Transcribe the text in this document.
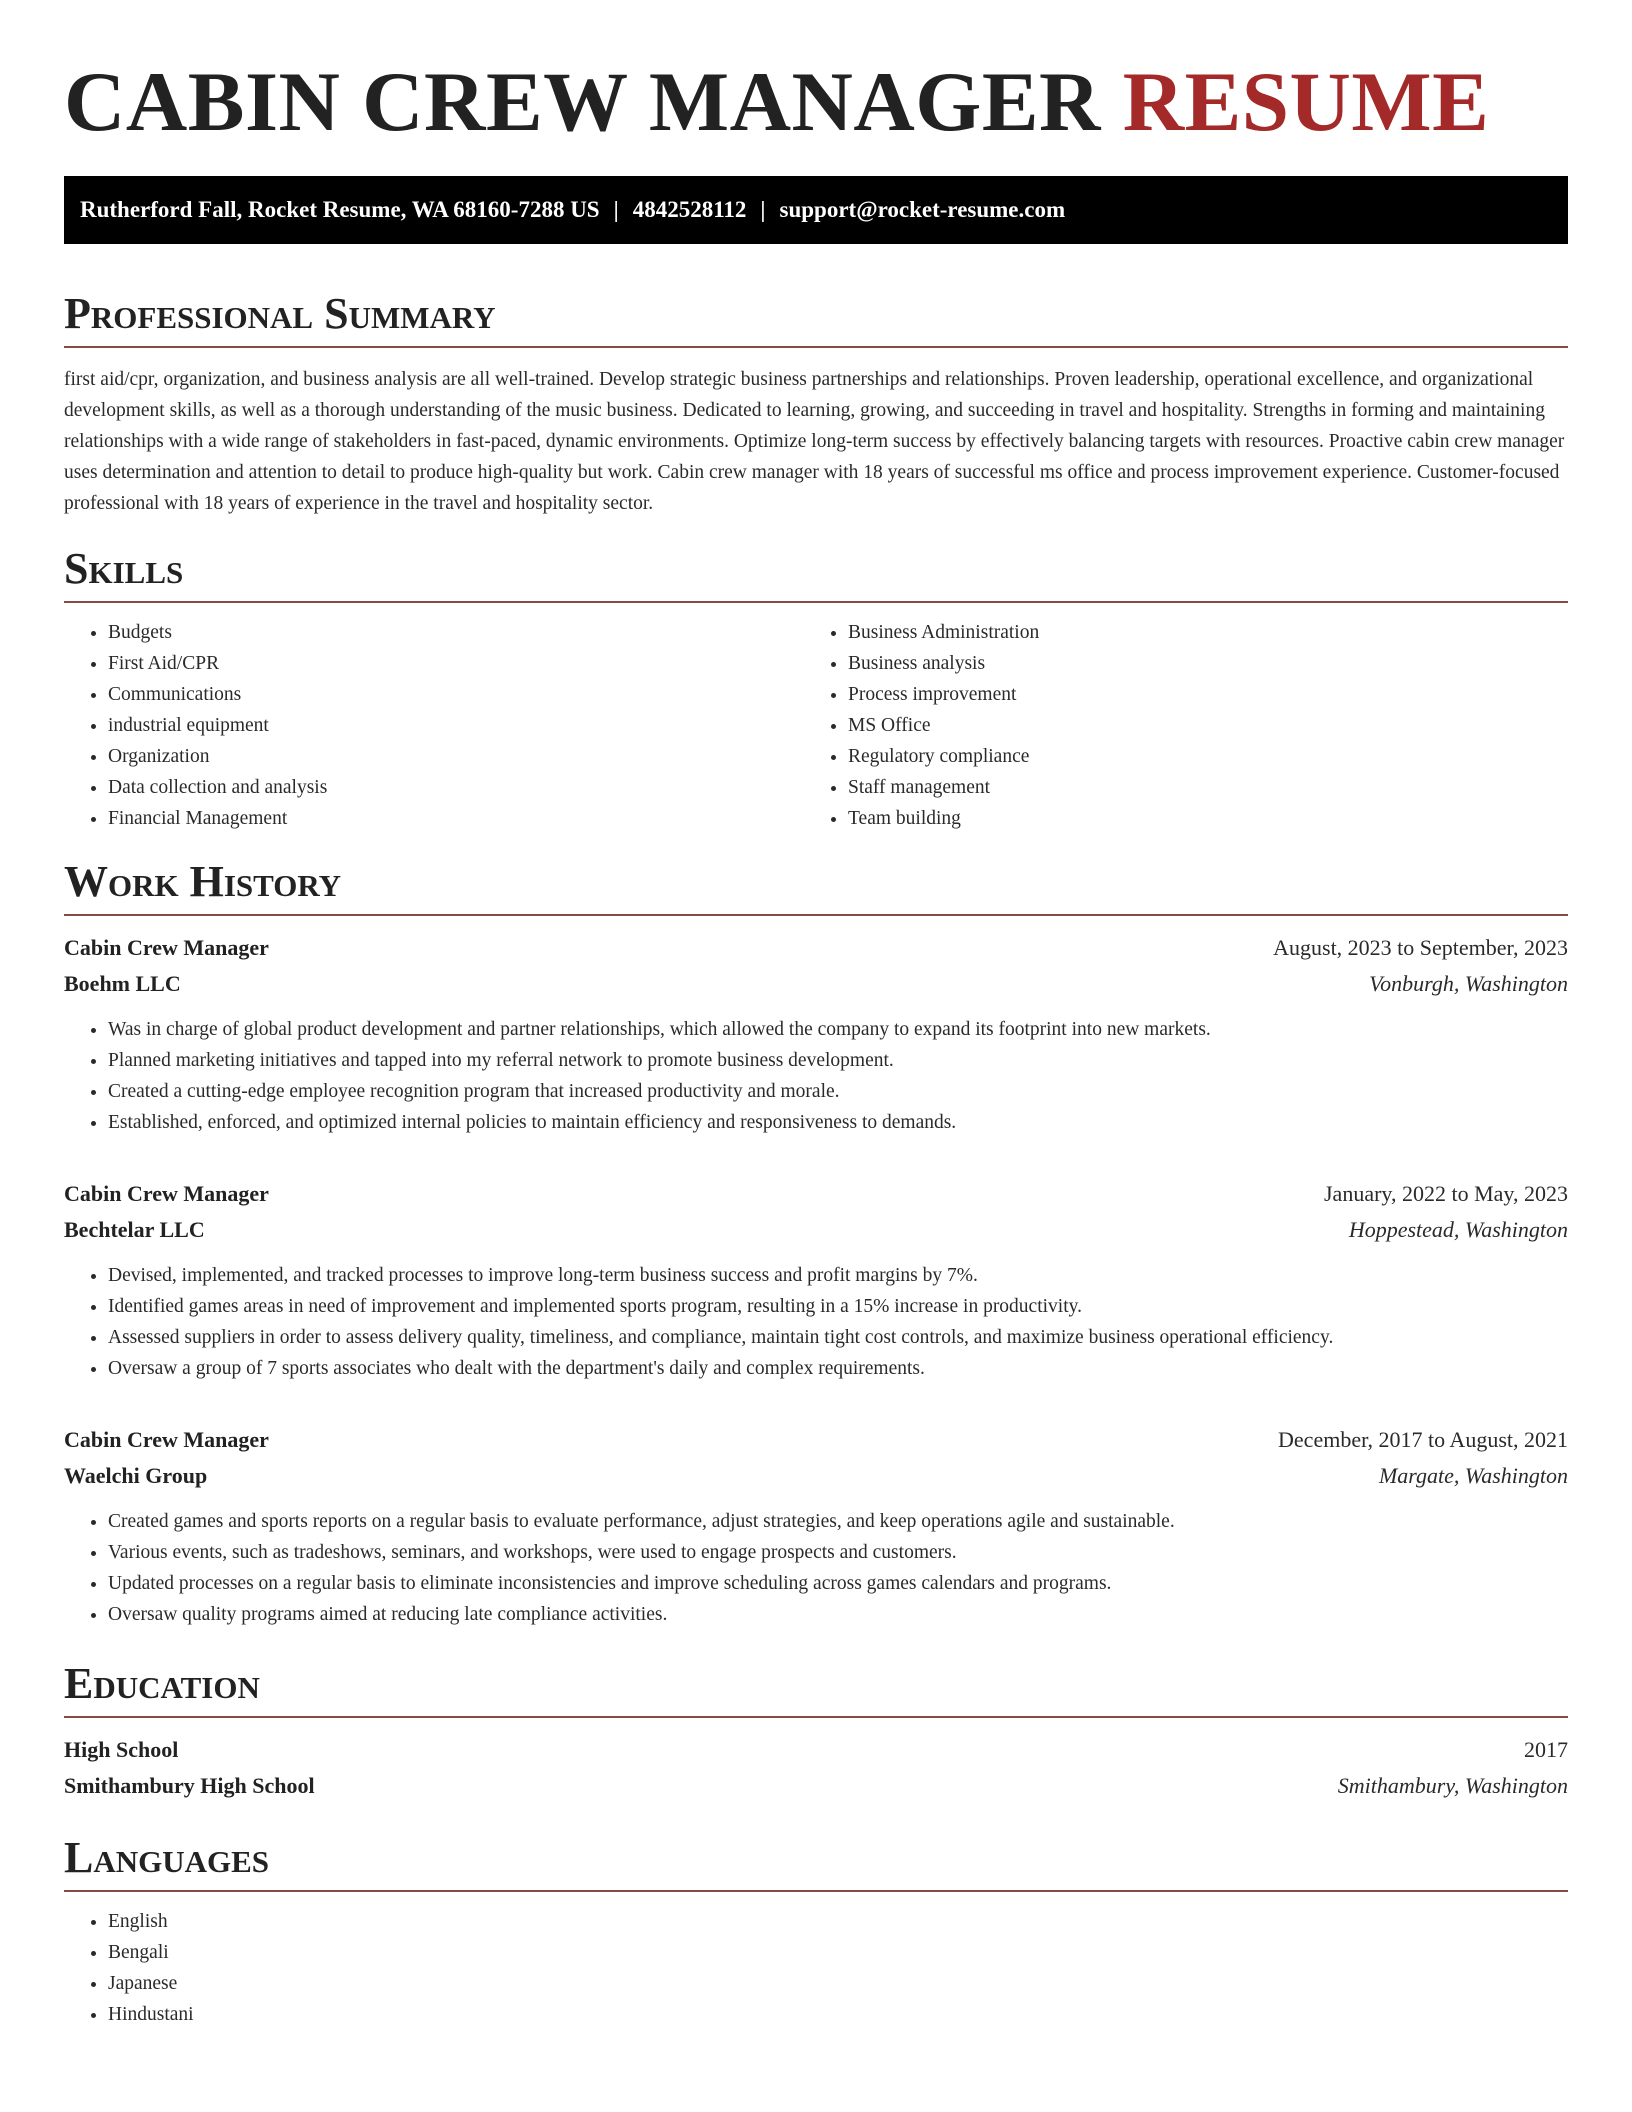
CABIN CREW MANAGER RESUME
Rutherford Fall, Rocket Resume, WA 68160-7288 US | 4842528112 | support@rocket-resume.com
Professional Summary

first aid/cpr, organization, and business analysis are all well-trained. Develop strategic business partnerships and relationships. Proven leadership, operational excellence, and organizational development skills, as well as a thorough understanding of the music business. Dedicated to learning, growing, and succeeding in travel and hospitality. Strengths in forming and maintaining relationships with a wide range of stakeholders in fast-paced, dynamic environments. Optimize long-term success by effectively balancing targets with resources. Proactive cabin crew manager uses determination and attention to detail to produce high-quality but work. Cabin crew manager with 18 years of successful ms office and process improvement experience. Customer-focused professional with 18 years of experience in the travel and hospitality sector.

Skills
• Budgets
• First Aid/CPR
• Communications
• industrial equipment
• Organization
• Data collection and analysis
• Financial Management
• Business Administration
• Business analysis
• Process improvement
• MS Office
• Regulatory compliance
• Staff management
• Team building
Work History
Cabin Crew Manager	August, 2023 to September, 2023
Boehm LLC	Vonburgh, Washington
• Was in charge of global product development and partner relationships, which allowed the company to expand its footprint into new markets.
• Planned marketing initiatives and tapped into my referral network to promote business development.
• Created a cutting-edge employee recognition program that increased productivity and morale.
• Established, enforced, and optimized internal policies to maintain efficiency and responsiveness to demands.
Cabin Crew Manager	January, 2022 to May, 2023
Bechtelar LLC	Hoppestead, Washington
• Devised, implemented, and tracked processes to improve long-term business success and profit margins by 7%.
• Identified games areas in need of improvement and implemented sports program, resulting in a 15% increase in productivity.
• Assessed suppliers in order to assess delivery quality, timeliness, and compliance, maintain tight cost controls, and maximize business operational efficiency.
• Oversaw a group of 7 sports associates who dealt with the department's daily and complex requirements.
Cabin Crew Manager	December, 2017 to August, 2021
Waelchi Group	Margate, Washington
• Created games and sports reports on a regular basis to evaluate performance, adjust strategies, and keep operations agile and sustainable.
• Various events, such as tradeshows, seminars, and workshops, were used to engage prospects and customers.
• Updated processes on a regular basis to eliminate inconsistencies and improve scheduling across games calendars and programs.
• Oversaw quality programs aimed at reducing late compliance activities.
Education
High School	2017
Smithambury High School	Smithambury, Washington
Languages
• English
• Bengali
• Japanese
• Hindustani
